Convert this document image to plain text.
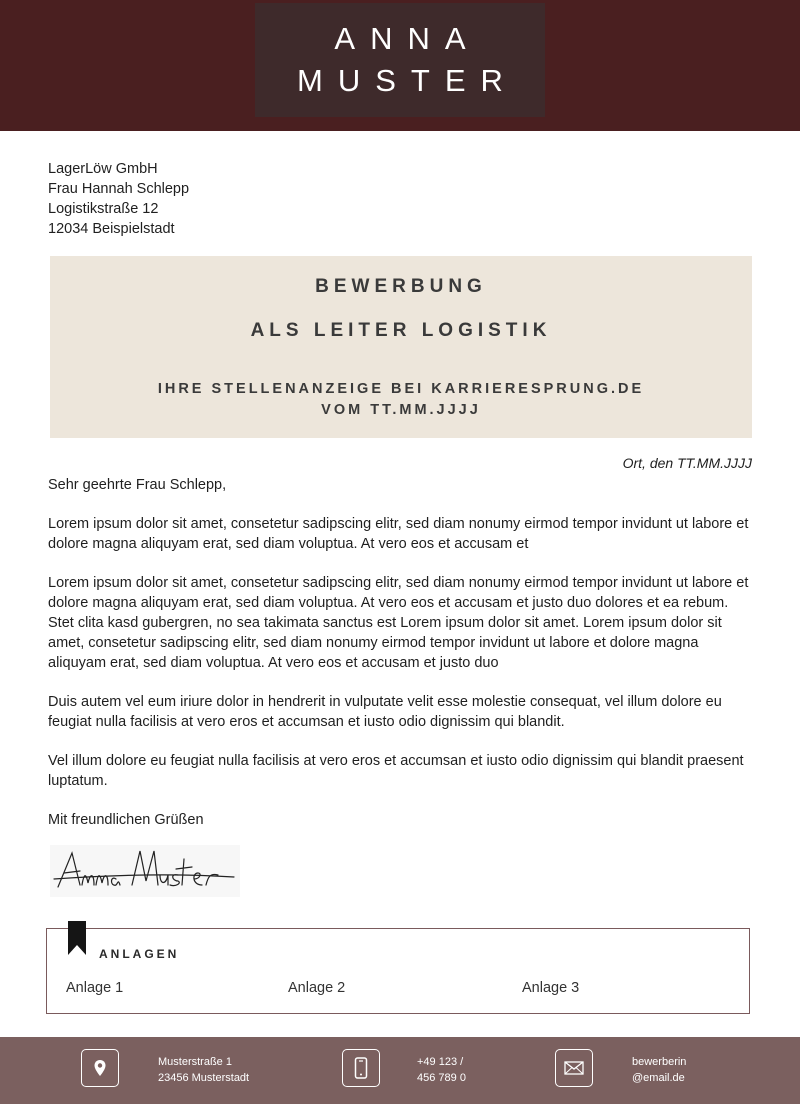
ANNA
MUSTER
LagerLöw GmbH
Frau Hannah Schlepp
Logistikstraße 12
12034 Beispielstadt
BEWERBUNG
ALS LEITER LOGISTIK
IHRE STELLENANZEIGE BEI KARRIERESPRUNG.DE
VOM TT.MM.JJJJ
Ort, den TT.MM.JJJJ

Sehr geehrte Frau Schlepp,

Lorem ipsum dolor sit amet, consetetur sadipscing elitr, sed diam nonumy eirmod tempor invidunt ut labore et dolore magna aliquyam erat, sed diam voluptua. At vero eos et accusam et

Lorem ipsum dolor sit amet, consetetur sadipscing elitr, sed diam nonumy eirmod tempor invidunt ut labore et dolore magna aliquyam erat, sed diam voluptua. At vero eos et accusam et justo duo dolores et ea rebum. Stet clita kasd gubergren, no sea takimata sanctus est Lorem ipsum dolor sit amet. Lorem ipsum dolor sit amet, consetetur sadipscing elitr, sed diam nonumy eirmod tempor invidunt ut labore et dolore magna aliquyam erat, sed diam voluptua. At vero eos et accusam et justo duo

Duis autem vel eum iriure dolor in hendrerit in vulputate velit esse molestie consequat, vel illum dolore eu feugiat nulla facilisis at vero eros et accumsan et iusto odio dignissim qui blandit.

Vel illum dolore eu feugiat nulla facilisis at vero eros et accumsan et iusto odio dignissim qui blandit praesent luptatum.

Mit freundlichen Grüßen

ANLAGEN
Anlage 1	Anlage 2	Anlage 3
Musterstraße 1
23456 Musterstadt
+49 123 /
456 789 0
bewerberin
@email.de
